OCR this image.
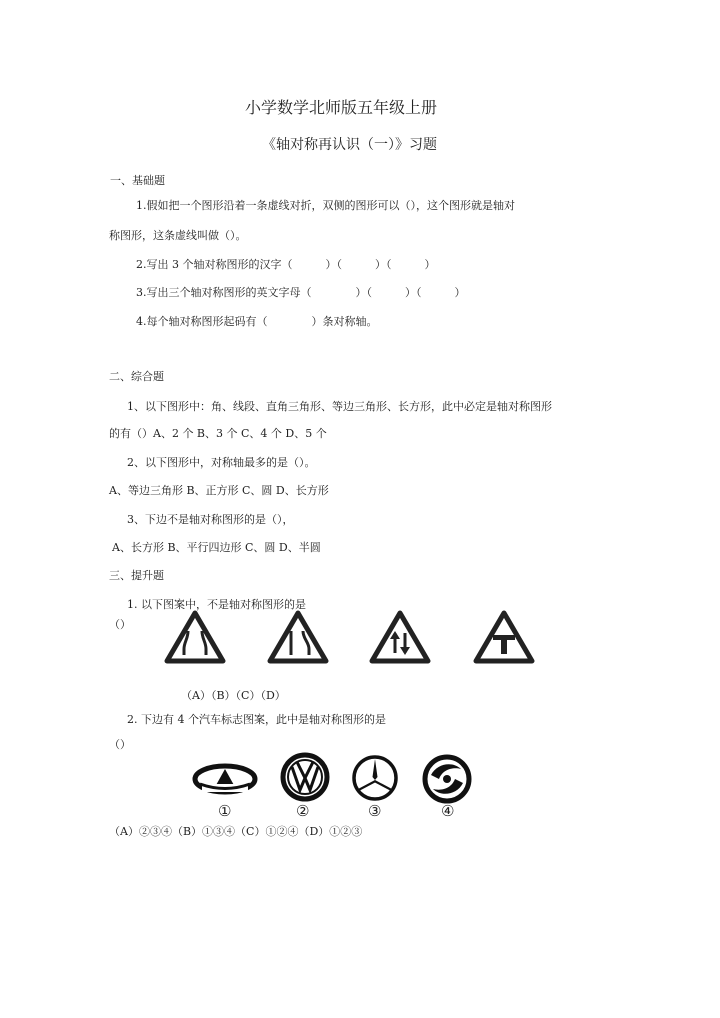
小学数学北师版五年级上册
《轴对称再认识（一）》习题
一、基础题
1.假如把一个图形沿着一条虚线对折，双侧的图形可以（），这个图形就是轴对
称图形，这条虚线叫做（）。
2.写出 3 个轴对称图形的汉字（　　　）（　　　）（　　　）
3.写出三个轴对称图形的英文字母（　　　　）（　　　）（　　　）
4.每个轴对称图形起码有（　　　　）条对称轴。
二、综合题
1、以下图形中：角、线段、直角三角形、等边三角形、长方形，此中必定是轴对称图形
的有（）A、2 个 B、3 个 C、4 个 D、5 个
2、以下图形中，对称轴最多的是（）。
A、等边三角形 B、正方形 C、圆 D、长方形
3、下边不是轴对称图形的是（），
A、长方形 B、平行四边形 C、圆 D、半圆
三、提升题
1. 以下图案中，不是轴对称图形的是
（）
（A）（B）（C）（D）
2. 下边有 4 个汽车标志图案，此中是轴对称图形的是
（）
①	②	③	④
（A）②③④（B）①③④（C）①②④（D）①②③
